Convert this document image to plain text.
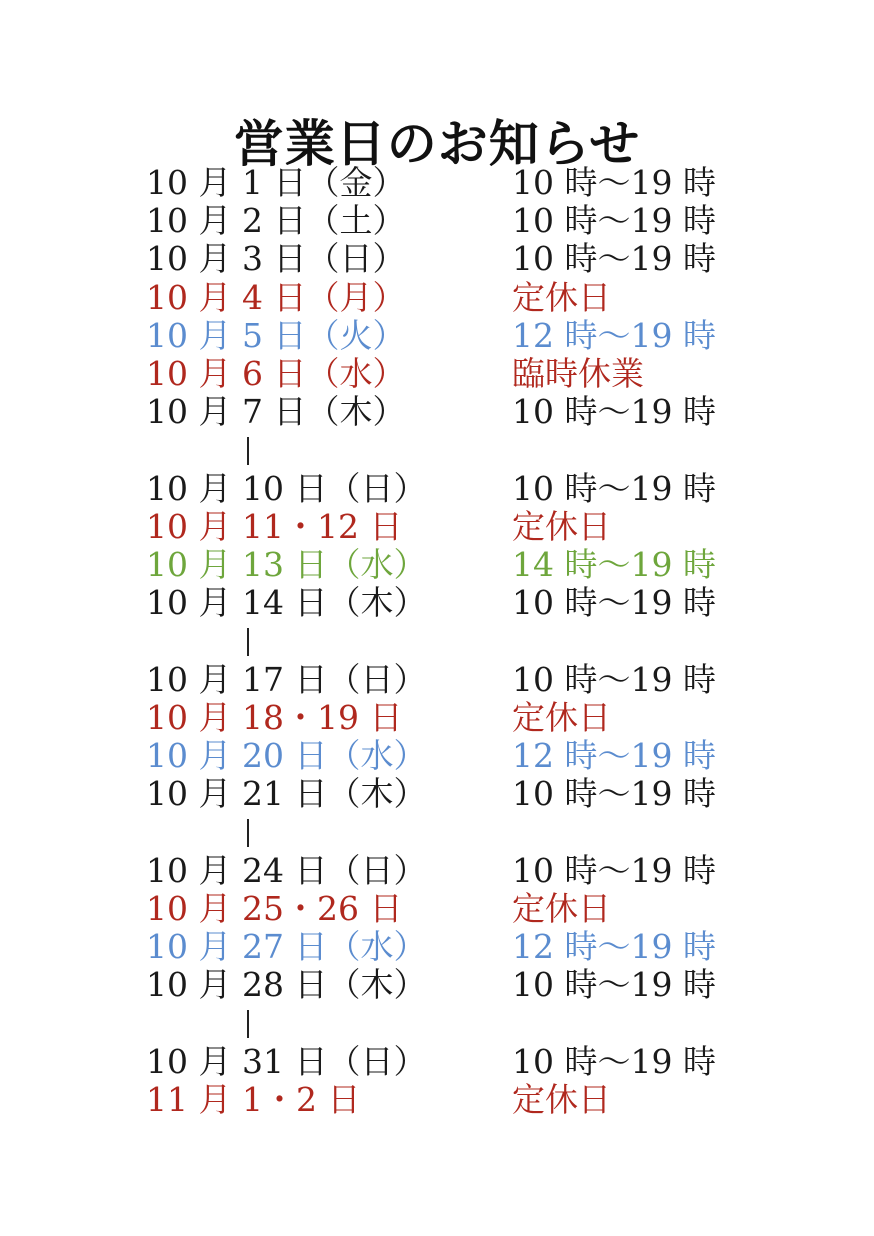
営業日のお知らせ
10 月 1 日（金）	10 時〜19 時
10 月 2 日（土）	10 時〜19 時
10 月 3 日（日）	10 時〜19 時
10 月 4 日（月）	定休日
10 月 5 日（火）	12 時〜19 時
10 月 6 日（水）	臨時休業
10 月 7 日（木）	10 時〜19 時
10 月 10 日（日）	10 時〜19 時
10 月 11・12 日	定休日
10 月 13 日（水）	14 時〜19 時
10 月 14 日（木）	10 時〜19 時
10 月 17 日（日）	10 時〜19 時
10 月 18・19 日	定休日
10 月 20 日（水）	12 時〜19 時
10 月 21 日（木）	10 時〜19 時
10 月 24 日（日）	10 時〜19 時
10 月 25・26 日	定休日
10 月 27 日（水）	12 時〜19 時
10 月 28 日（木）	10 時〜19 時
10 月 31 日（日）	10 時〜19 時
11 月 1・2 日	定休日
